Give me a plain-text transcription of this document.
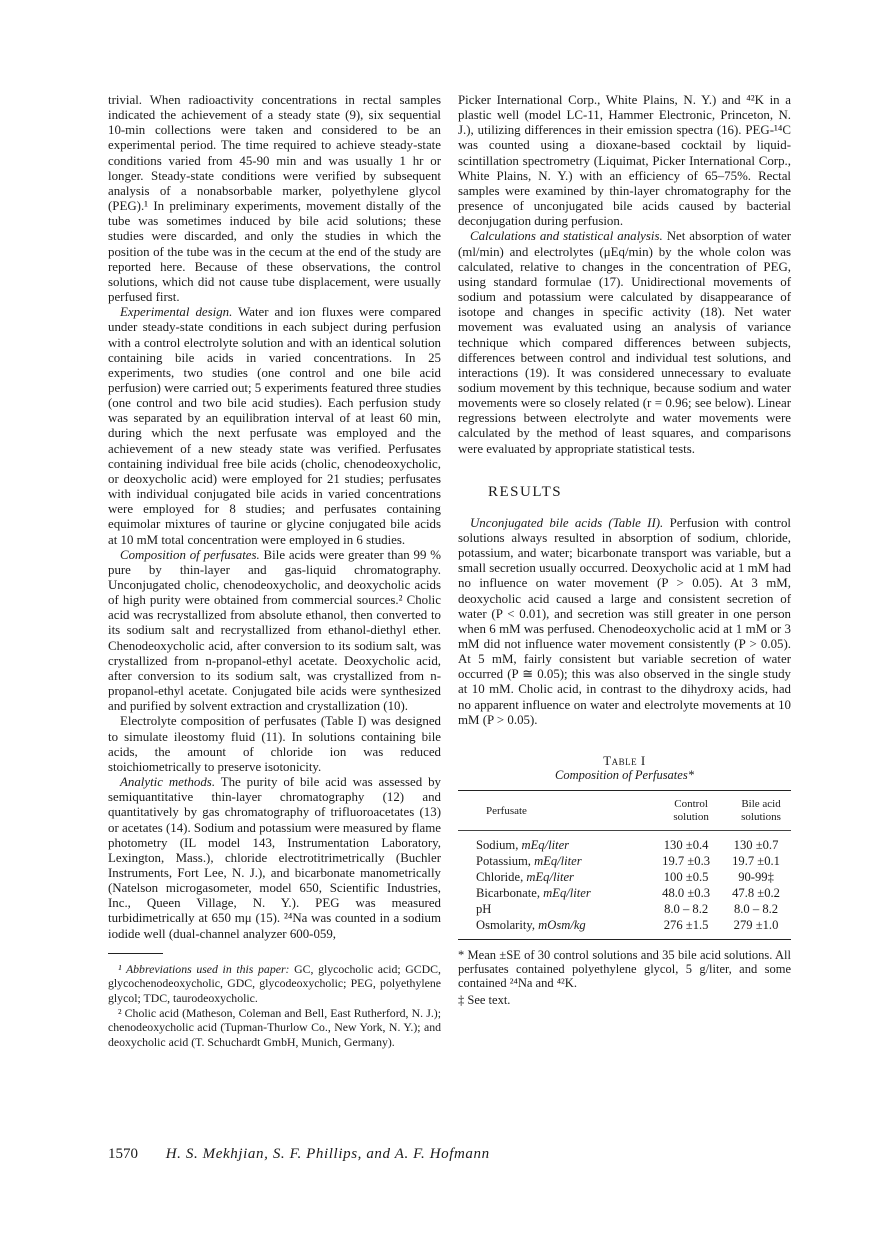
trivial. When radioactivity concentrations in rectal samples indicated the achievement of a steady state (9), six sequential 10-min collections were taken and considered to be an experimental period. The time required to achieve steady-state conditions varied from 45-90 min and was usually 1 hr or longer. Steady-state conditions were verified by subsequent analysis of a nonabsorbable marker, polyethylene glycol (PEG).¹ In preliminary experiments, movement distally of the tube was sometimes induced by bile acid solutions; these studies were discarded, and only the studies in which the position of the tube was in the cecum at the end of the study are reported here. Because of these observations, the control solutions, which did not cause tube displacement, were usually perfused first.

Experimental design. Water and ion fluxes were compared under steady-state conditions in each subject during perfusion with a control electrolyte solution and with an identical solution containing bile acids in varied concentrations. In 25 experiments, two studies (one control and one bile acid perfusion) were carried out; 5 experiments featured three studies (one control and two bile acid studies). Each perfusion study was separated by an equilibration interval of at least 60 min, during which the next perfusate was employed and the achievement of a new steady state was verified. Perfusates containing individual free bile acids (cholic, chenodeoxycholic, or deoxycholic acid) were employed for 21 studies; perfusates with individual conjugated bile acids in varied concentrations were employed for 8 studies; and perfusates containing equimolar mixtures of taurine or glycine conjugated bile acids at 10 mM total concentration were employed in 6 studies.

Composition of perfusates. Bile acids were greater than 99 % pure by thin-layer and gas-liquid chromatography. Unconjugated cholic, chenodeoxycholic, and deoxycholic acids of high purity were obtained from commercial sources.² Cholic acid was recrystallized from absolute ethanol, then converted to its sodium salt and recrystallized from ethanol-diethyl ether. Chenodeoxycholic acid, after conversion to its sodium salt, was crystallized from n-propanol-ethyl acetate. Deoxycholic acid, after conversion to its sodium salt, was crystallized from n-propanol-ethyl acetate. Conjugated bile acids were synthesized and purified by solvent extraction and crystallization (10).

Electrolyte composition of perfusates (Table I) was designed to simulate ileostomy fluid (11). In solutions containing bile acids, the amount of chloride ion was reduced stoichiometrically to preserve isotonicity.

Analytic methods. The purity of bile acid was assessed by semiquantitative thin-layer chromatography (12) and quantitatively by gas chromatography of trifluoroacetates (13) or acetates (14). Sodium and potassium were measured by flame photometry (IL model 143, Instrumentation Laboratory, Lexington, Mass.), chloride electrotitrimetrically (Buchler Instruments, Fort Lee, N. J.), and bicarbonate manometrically (Natelson microgasometer, model 650, Scientific Industries, Inc., Queen Village, N. Y.). PEG was measured turbidimetrically at 650 mμ (15). ²⁴Na was counted in a sodium iodide well (dual-channel analyzer 600-059,

¹ Abbreviations used in this paper: GC, glycocholic acid; GCDC, glycochenodeoxycholic, GDC, glycodeoxycholic; PEG, polyethylene glycol; TDC, taurodeoxycholic.

² Cholic acid (Matheson, Coleman and Bell, East Rutherford, N. J.); chenodeoxycholic acid (Tupman-Thurlow Co., New York, N. Y.); and deoxycholic acid (T. Schuchardt GmbH, Munich, Germany).

Picker International Corp., White Plains, N. Y.) and ⁴²K in a plastic well (model LC-11, Hammer Electronic, Princeton, N. J.), utilizing differences in their emission spectra (16). PEG-¹⁴C was counted using a dioxane-based cocktail by liquid-scintillation spectrometry (Liquimat, Picker International Corp., White Plains, N. Y.) with an efficiency of 65–75%. Rectal samples were examined by thin-layer chromatography for the presence of unconjugated bile acids caused by bacterial deconjugation during perfusion.

Calculations and statistical analysis. Net absorption of water (ml/min) and electrolytes (μEq/min) by the whole colon was calculated, relative to changes in the concentration of PEG, using standard formulae (17). Unidirectional movements of sodium and potassium were calculated by disappearance of isotope and changes in specific activity (18). Net water movement was evaluated using an analysis of variance technique which compared differences between subjects, differences between control and individual test solutions, and interactions (19). It was considered unnecessary to evaluate sodium movement by this technique, because sodium and water movements were so closely related (r = 0.96; see below). Linear regressions between electrolyte and water movements were calculated by the method of least squares, and comparisons were evaluated by appropriate statistical tests.

RESULTS

Unconjugated bile acids (Table II). Perfusion with control solutions always resulted in absorption of sodium, chloride, potassium, and water; bicarbonate transport was variable, but a small secretion usually occurred. Deoxycholic acid at 1 mM had no influence on water movement (P > 0.05). At 3 mM, deoxycholic acid caused a large and consistent secretion of water (P < 0.01), and secretion was still greater in one person when 6 mM was perfused. Chenodeoxycholic acid at 1 mM or 3 mM did not influence water movement consistently (P > 0.05). At 5 mM, fairly consistent but variable secretion of water occurred (P ≅ 0.05); this was also observed in the single study at 10 mM. Cholic acid, in contrast to the dihydroxy acids, had no apparent influence on water and electrolyte movements at 10 mM (P > 0.05).

Table I
Composition of Perfusates*
Perfusate	Control solution	Bile acid solutions
Sodium, mEq/liter	130 ±0.4	130 ±0.7
Potassium, mEq/liter	19.7 ±0.3	19.7 ±0.1
Chloride, mEq/liter	100 ±0.5	90-99‡
Bicarbonate, mEq/liter	48.0 ±0.3	47.8 ±0.2
pH	8.0 – 8.2	8.0 – 8.2
Osmolarity, mOsm/kg	276 ±1.5	279 ±1.0

* Mean ±SE of 30 control solutions and 35 bile acid solutions. All perfusates contained polyethylene glycol, 5 g/liter, and some contained ²⁴Na and ⁴²K.

‡ See text.

1570 H. S. Mekhjian, S. F. Phillips, and A. F. Hofmann
